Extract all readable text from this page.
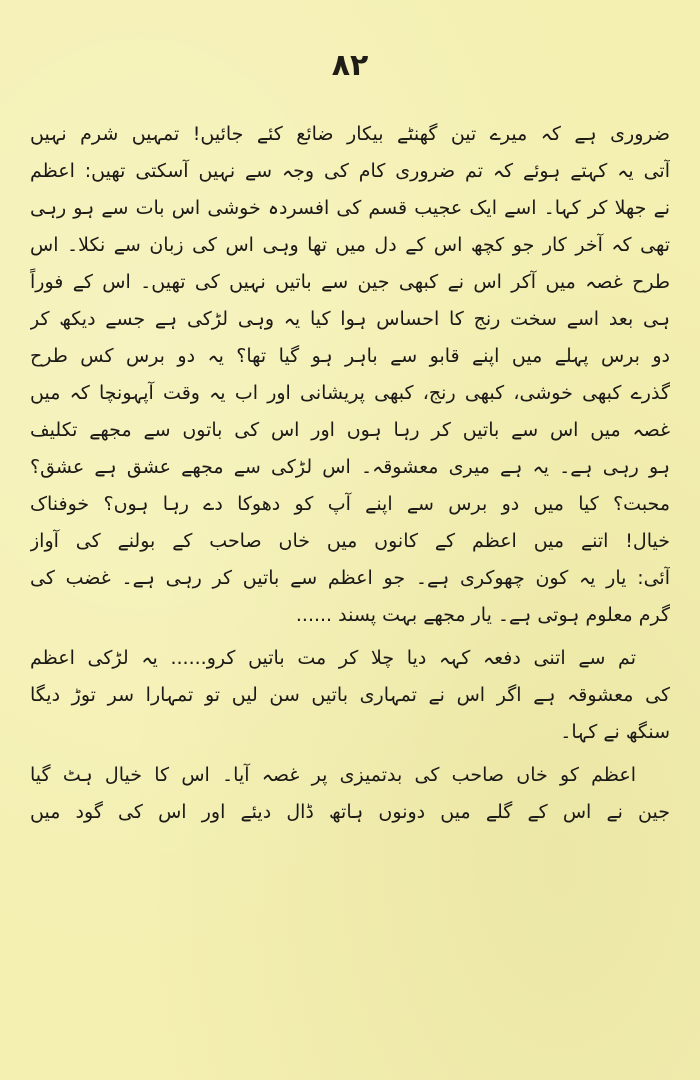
۸۲
ضروری ہے کہ میرے تین گھنٹے بیکار ضائع کئے جائیں! تمہیں شرم نہیں
آتی یہ کہتے ہوئے کہ تم ضروری کام کی وجہ سے نہیں آسکتی تھیں: اعظم
نے جھلا کر کہا۔ اسے ایک عجیب قسم کی افسردہ خوشی اس بات سے ہو رہی
تھی کہ آخر کار جو کچھ اس کے دل میں تھا وہی اس کی زبان سے نکلا۔ اس
طرح غصہ میں آکر اس نے کبھی جین سے باتیں نہیں کی تھیں۔ اس کے فوراً
ہی بعد اسے سخت رنج کا احساس ہوا کیا یہ وہی لڑکی ہے جسے دیکھ کر
دو برس پہلے میں اپنے قابو سے باہر ہو گیا تھا؟ یہ دو برس کس طرح
گذرے کبھی خوشی، کبھی رنج، کبھی پریشانی اور اب یہ وقت آپہونچا کہ میں
غصہ میں اس سے باتیں کر رہا ہوں اور اس کی باتوں سے مجھے تکلیف
ہو رہی ہے۔ یہ ہے میری معشوقہ۔ اس لڑکی سے مجھے عشق ہے عشق؟
محبت؟ کیا میں دو برس سے اپنے آپ کو دھوکا دے رہا ہوں؟ خوفناک
خیال! اتنے میں اعظم کے کانوں میں خاں صاحب کے بولنے کی آواز
آئی: یار یہ کون چھوکری ہے۔ جو اعظم سے باتیں کر رہی ہے۔ غضب کی
گرم معلوم ہوتی ہے۔ یار مجھے بہت پسند ......
تم سے اتنی دفعہ کہہ دیا چلا کر مت باتیں کرو...... یہ لڑکی اعظم
کی معشوقہ ہے اگر اس نے تمہاری باتیں سن لیں تو تمہارا سر توڑ دیگا
سنگھ نے کہا۔
اعظم کو خاں صاحب کی بدتمیزی پر غصہ آیا۔ اس کا خیال ہٹ گیا
جین نے اس کے گلے میں دونوں ہاتھ ڈال دیئے اور اس کی گود میں
